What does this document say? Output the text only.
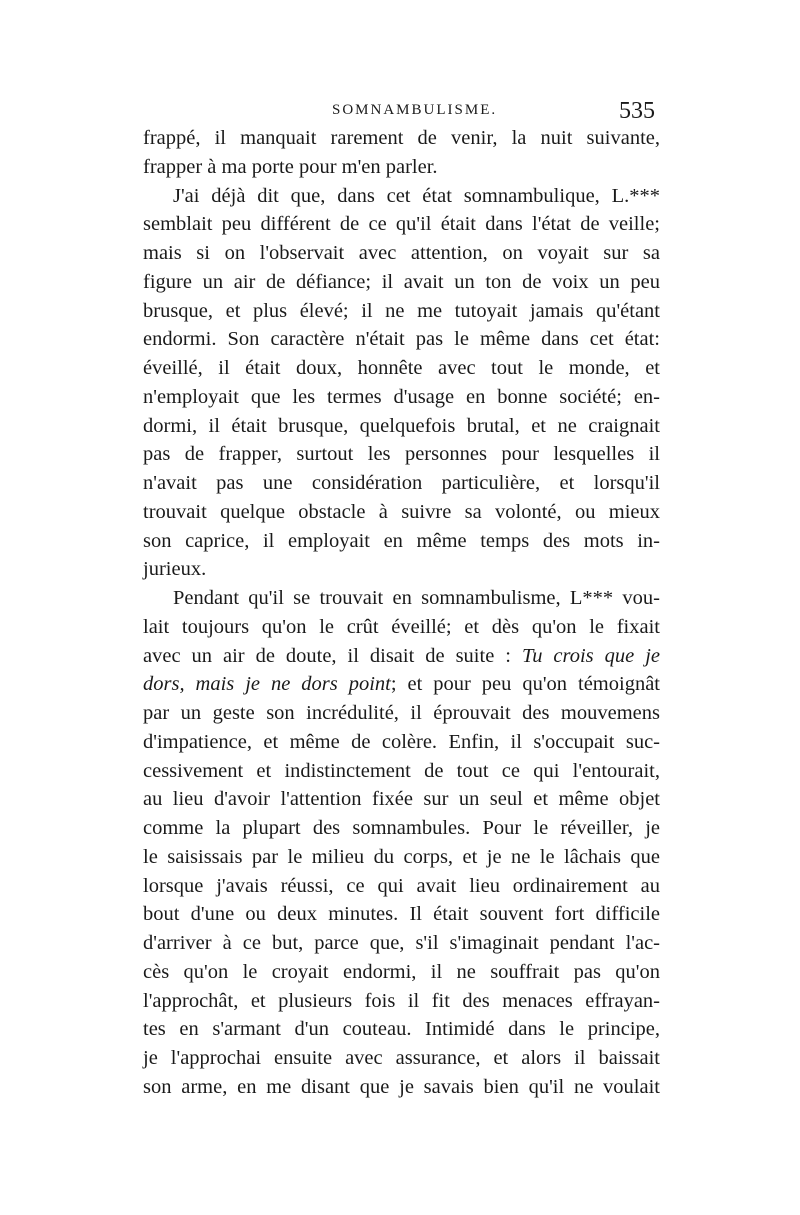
SOMNAMBULISME.	535
frappé, il manquait rarement de venir, la nuit suivante,
frapper à ma porte pour m'en parler.
J'ai déjà dit que, dans cet état somnambulique, L.***
semblait peu différent de ce qu'il était dans l'état de veille;
mais si on l'observait avec attention, on voyait sur sa
figure un air de défiance; il avait un ton de voix un peu
brusque, et plus élevé; il ne me tutoyait jamais qu'étant
endormi. Son caractère n'était pas le même dans cet état:
éveillé, il était doux, honnête avec tout le monde, et
n'employait que les termes d'usage en bonne société; en-
dormi, il était brusque, quelquefois brutal, et ne craignait
pas de frapper, surtout les personnes pour lesquelles il
n'avait pas une considération particulière, et lorsqu'il
trouvait quelque obstacle à suivre sa volonté, ou mieux
son caprice, il employait en même temps des mots in-
jurieux.
Pendant qu'il se trouvait en somnambulisme, L*** vou-
lait toujours qu'on le crût éveillé; et dès qu'on le fixait
avec un air de doute, il disait de suite : Tu crois que je
dors, mais je ne dors point; et pour peu qu'on témoignât
par un geste son incrédulité, il éprouvait des mouvemens
d'impatience, et même de colère. Enfin, il s'occupait suc-
cessivement et indistinctement de tout ce qui l'entourait,
au lieu d'avoir l'attention fixée sur un seul et même objet
comme la plupart des somnambules. Pour le réveiller, je
le saisissais par le milieu du corps, et je ne le lâchais que
lorsque j'avais réussi, ce qui avait lieu ordinairement au
bout d'une ou deux minutes. Il était souvent fort difficile
d'arriver à ce but, parce que, s'il s'imaginait pendant l'ac-
cès qu'on le croyait endormi, il ne souffrait pas qu'on
l'approchât, et plusieurs fois il fit des menaces effrayan-
tes en s'armant d'un couteau. Intimidé dans le principe,
je l'approchai ensuite avec assurance, et alors il baissait
son arme, en me disant que je savais bien qu'il ne voulait
